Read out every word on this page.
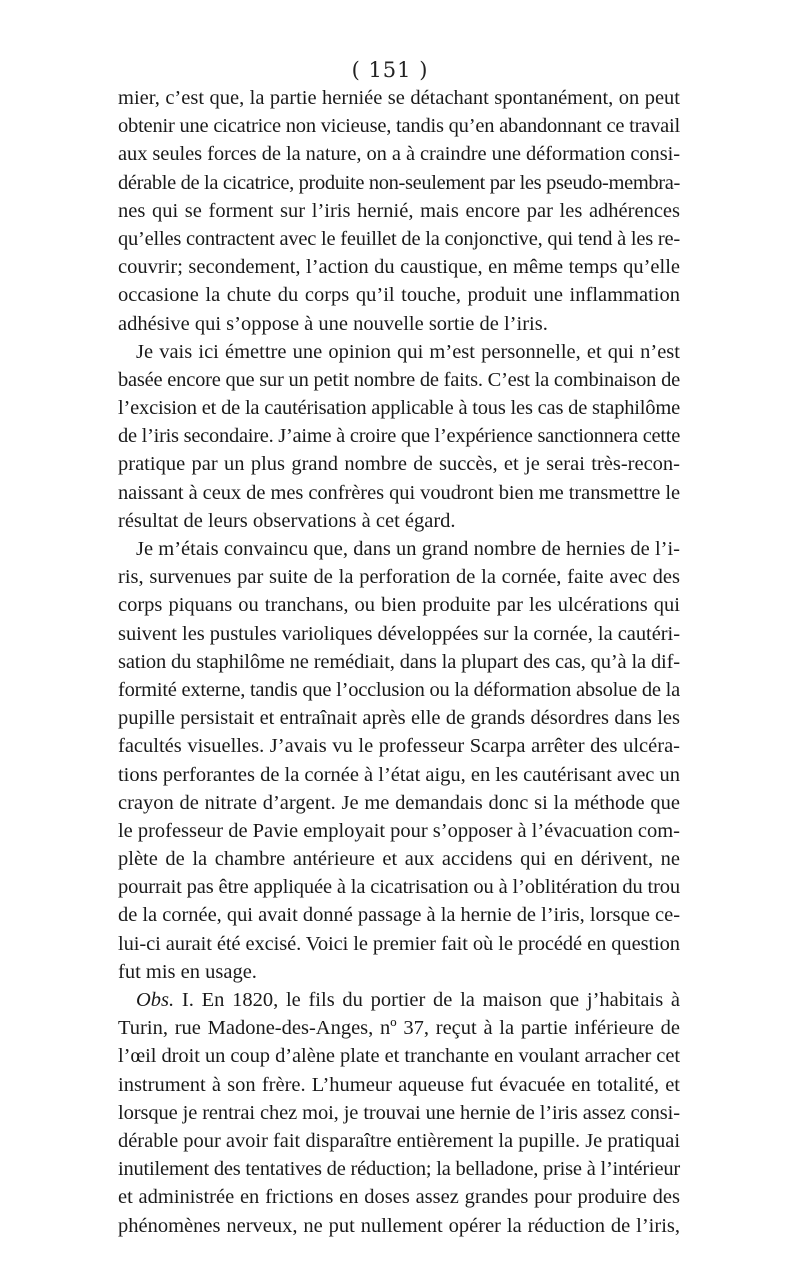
( 151 )
mier, c’est que, la partie herniée se détachant spontanément, on peut
obtenir une cicatrice non vicieuse, tandis qu’en abandonnant ce travail
aux seules forces de la nature, on a à craindre une déformation consi-
dérable de la cicatrice, produite non-seulement par les pseudo-membra-
nes qui se forment sur l’iris hernié, mais encore par les adhérences
qu’elles contractent avec le feuillet de la conjonctive, qui tend à les re-
couvrir; secondement, l’action du caustique, en même temps qu’elle
occasione la chute du corps qu’il touche, produit une inflammation
adhésive qui s’oppose à une nouvelle sortie de l’iris.
Je vais ici émettre une opinion qui m’est personnelle, et qui n’est
basée encore que sur un petit nombre de faits. C’est la combinaison de
l’excision et de la cautérisation applicable à tous les cas de staphilôme
de l’iris secondaire. J’aime à croire que l’expérience sanctionnera cette
pratique par un plus grand nombre de succès, et je serai très-recon-
naissant à ceux de mes confrères qui voudront bien me transmettre le
résultat de leurs observations à cet égard.
Je m’étais convaincu que, dans un grand nombre de hernies de l’i-
ris, survenues par suite de la perforation de la cornée, faite avec des
corps piquans ou tranchans, ou bien produite par les ulcérations qui
suivent les pustules varioliques développées sur la cornée, la cautéri-
sation du staphilôme ne remédiait, dans la plupart des cas, qu’à la dif-
formité externe, tandis que l’occlusion ou la déformation absolue de la
pupille persistait et entraînait après elle de grands désordres dans les
facultés visuelles. J’avais vu le professeur Scarpa arrêter des ulcéra-
tions perforantes de la cornée à l’état aigu, en les cautérisant avec un
crayon de nitrate d’argent. Je me demandais donc si la méthode que
le professeur de Pavie employait pour s’opposer à l’évacuation com-
plète de la chambre antérieure et aux accidens qui en dérivent, ne
pourrait pas être appliquée à la cicatrisation ou à l’oblitération du trou
de la cornée, qui avait donné passage à la hernie de l’iris, lorsque ce-
lui-ci aurait été excisé. Voici le premier fait où le procédé en question
fut mis en usage.
Obs. I. En 1820, le fils du portier de la maison que j’habitais à
Turin, rue Madone-des-Anges, nº 37, reçut à la partie inférieure de
l’œil droit un coup d’alène plate et tranchante en voulant arracher cet
instrument à son frère. L’humeur aqueuse fut évacuée en totalité, et
lorsque je rentrai chez moi, je trouvai une hernie de l’iris assez consi-
dérable pour avoir fait disparaître entièrement la pupille. Je pratiquai
inutilement des tentatives de réduction; la belladone, prise à l’intérieur
et administrée en frictions en doses assez grandes pour produire des
phénomènes nerveux, ne put nullement opérer la réduction de l’iris,
